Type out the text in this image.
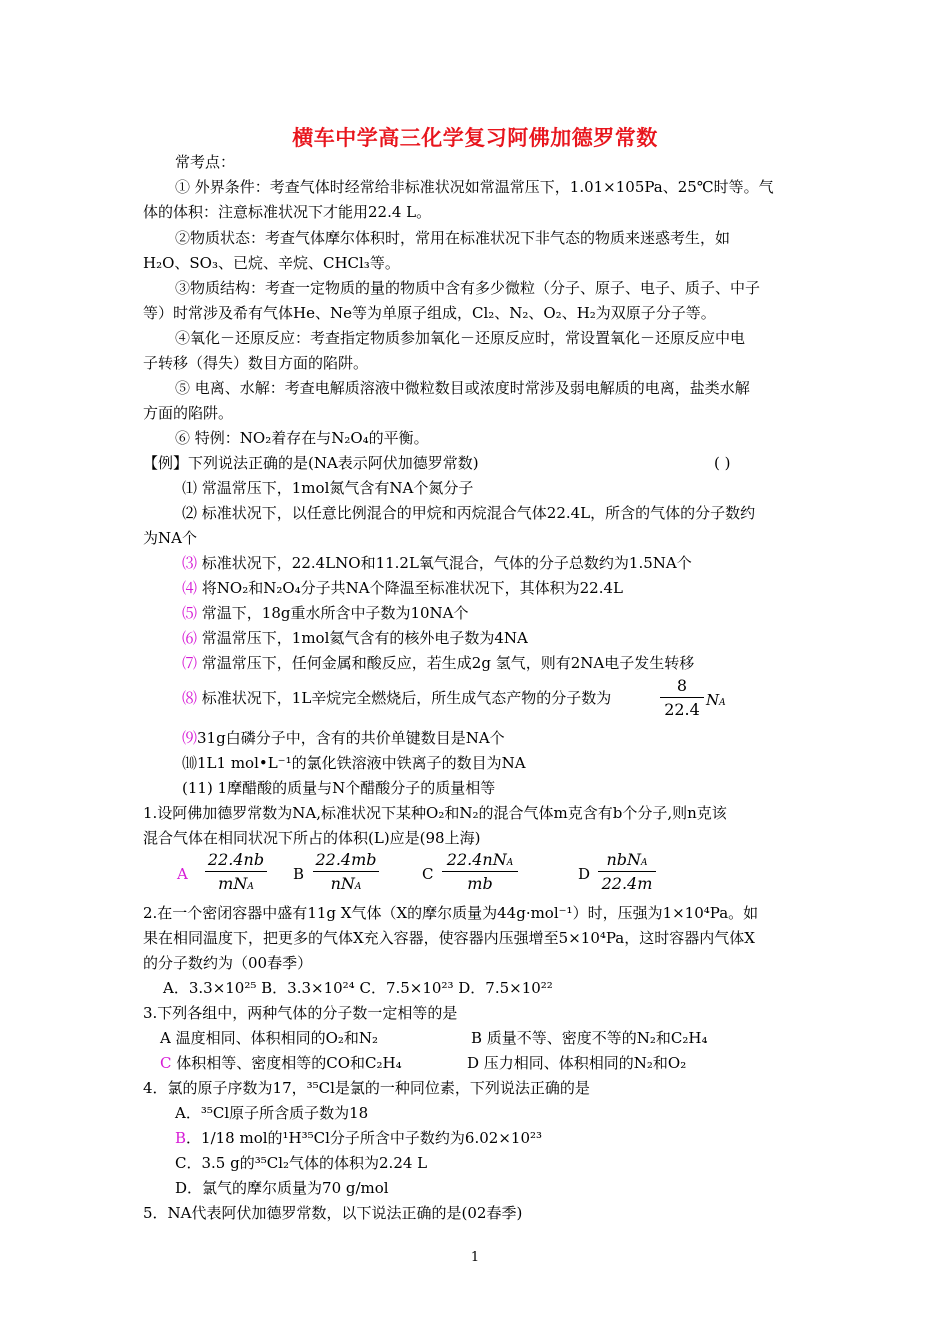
横车中学高三化学复习阿佛加德罗常数
常考点：
① 外界条件：考查气体时经常给非标准状况如常温常压下，1.01×105Pa、25℃时等。气
体的体积：注意标准状况下才能用22.4 L。
②物质状态：考查气体摩尔体积时，常用在标准状况下非气态的物质来迷惑考生，如
H₂O、SO₃、已烷、辛烷、CHCl₃等。
③物质结构：考查一定物质的量的物质中含有多少微粒（分子、原子、电子、质子、中子
等）时常涉及希有气体He、Ne等为单原子组成，Cl₂、N₂、O₂、H₂为双原子分子等。
④氧化－还原反应：考查指定物质参加氧化－还原反应时，常设置氧化－还原反应中电
子转移（得失）数目方面的陷阱。
⑤ 电离、水解：考查电解质溶液中微粒数目或浓度时常涉及弱电解质的电离，盐类水解
方面的陷阱。
⑥ 特例：NO₂着存在与N₂O₄的平衡。
【例】下列说法正确的是(NA表示阿伏加德罗常数)	( )
⑴ 常温常压下，1mol氮气含有NA个氮分子
⑵ 标准状况下，以任意比例混合的甲烷和丙烷混合气体22.4L，所含的气体的分子数约
为NA个
⑶ 标准状况下，22.4LNO和11.2L氧气混合，气体的分子总数约为1.5NA个
⑷ 将NO₂和N₂O₄分子共NA个降温至标准状况下，其体积为22.4L
⑸ 常温下，18g重水所含中子数为10NA个
⑹ 常温常压下，1mol氦气含有的核外电子数为4NA
⑺ 常温常压下，任何金属和酸反应，若生成2g 氢气，则有2NA电子发生转移
⑻ 标准状况下，1L辛烷完全燃烧后，所生成气态产物的分子数为
8
22.4 NA
⑼31g白磷分子中，含有的共价单键数目是NA个
⑽1L1 mol•L⁻¹的氯化铁溶液中铁离子的数目为NA
(11) 1摩醋酸的质量与N个醋酸分子的质量相等
1.设阿佛加德罗常数为NA,标准状况下某种O₂和N₂的混合气体m克含有b个分子,则n克该
混合气体在相同状况下所占的体积(L)应是(98上海)
A
22.4nb
mNA
B
22.4mb
nNA
C
22.4nNA
mb	D
nbNA
22.4m
2.在一个密闭容器中盛有11g X气体（X的摩尔质量为44g·mol⁻¹）时，压强为1×10⁴Pa。如
果在相同温度下，把更多的气体X充入容器，使容器内压强增至5×10⁴Pa，这时容器内气体X
的分子数约为（00春季）
A．3.3×10²⁵ B．3.3×10²⁴ C．7.5×10²³ D．7.5×10²²
3.下列各组中，两种气体的分子数一定相等的是
A 温度相同、体积相同的O₂和N₂	B 质量不等、密度不等的N₂和C₂H₄
C 体积相等、密度相等的CO和C₂H₄	D 压力相同、体积相同的N₂和O₂
4．氯的原子序数为17，³⁵Cl是氯的一种同位素，下列说法正确的是
A．³⁵Cl原子所含质子数为18
B．1/18 mol的¹H³⁵Cl分子所含中子数约为6.02×10²³
C．3.5 g的³⁵Cl₂气体的体积为2.24 L
D．氯气的摩尔质量为70 g/mol
5．NA代表阿伏加德罗常数，以下说法正确的是(02春季)
1
